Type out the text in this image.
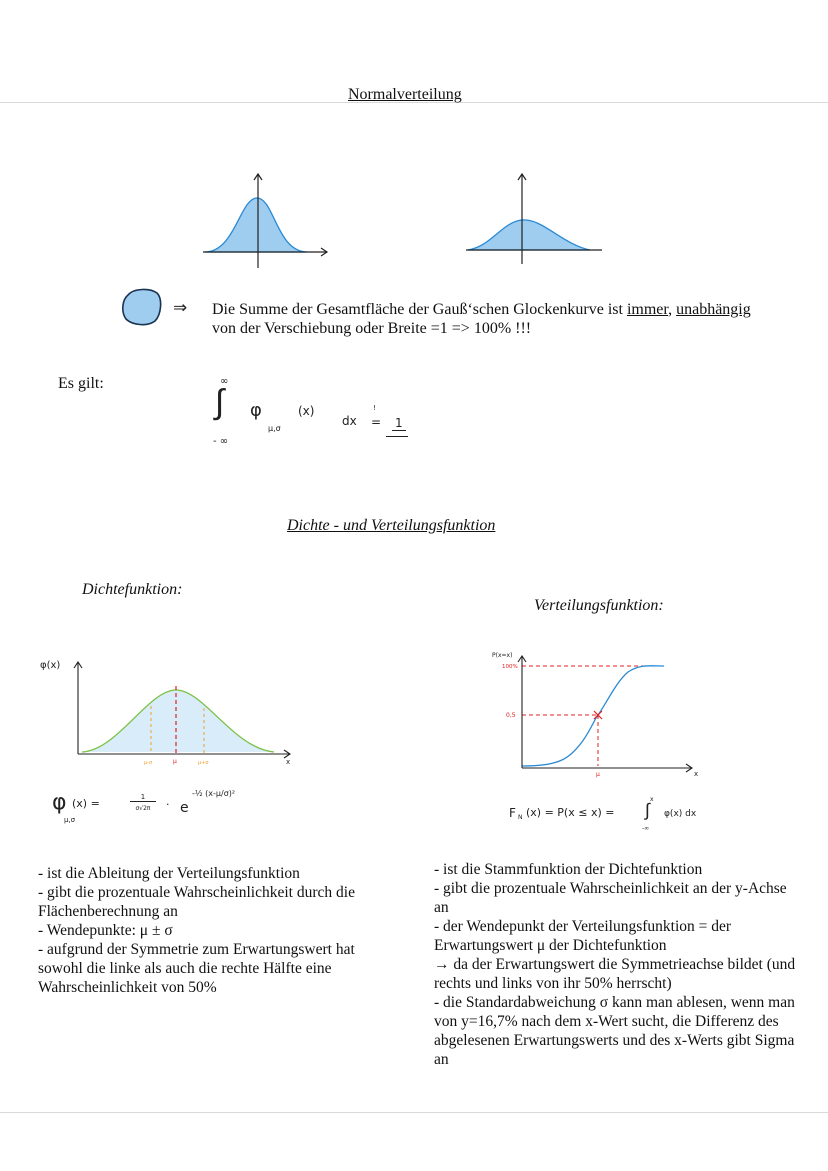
Normalverteilung
⇒ Die Summe der Gesamtfläche der Gauß‘schen Glockenkurve ist immer, unabhängig
von der Verschiebung oder Breite =1 => 100% !!!
Es gilt:	∞
∫
- ∞
φ
μ,σ
(x)
dx
!
= 1
Dichte - und Verteilungsfunktion
Dichtefunktion:
φ(x)
x
μ-σ	μ	μ+σ
φ
μ,σ
(x) =	1
σ√2π	· e
-½ (x-μ/σ)²
- ist die Ableitung der Verteilungsfunktion
- gibt die prozentuale Wahrscheinlichkeit durch die Flächenberechnung an
- Wendepunkte: μ ± σ
- aufgrund der Symmetrie zum Erwartungswert hat sowohl die linke als auch die rechte Hälfte eine Wahrscheinlichkeit von 50%
Verteilungsfunktion:
P(x=x)
100%
0,5
μ	x
F N (x) = P(x ≤ x) =
x
∫
-∞
φ(x) dx
- ist die Stammfunktion der Dichtefunktion
- gibt die prozentuale Wahrscheinlichkeit an der y-Achse an
- der Wendepunkt der Verteilungsfunktion = der Erwartungswert μ der Dichtefunktion
→ da der Erwartungswert die Symmetrieachse bildet (und rechts und links von ihr 50% herrscht)
- die Standardabweichung σ kann man ablesen, wenn man von y=16,7% nach dem x-Wert sucht, die Differenz des abgelesenen Erwartungswerts und des x-Werts gibt Sigma an
